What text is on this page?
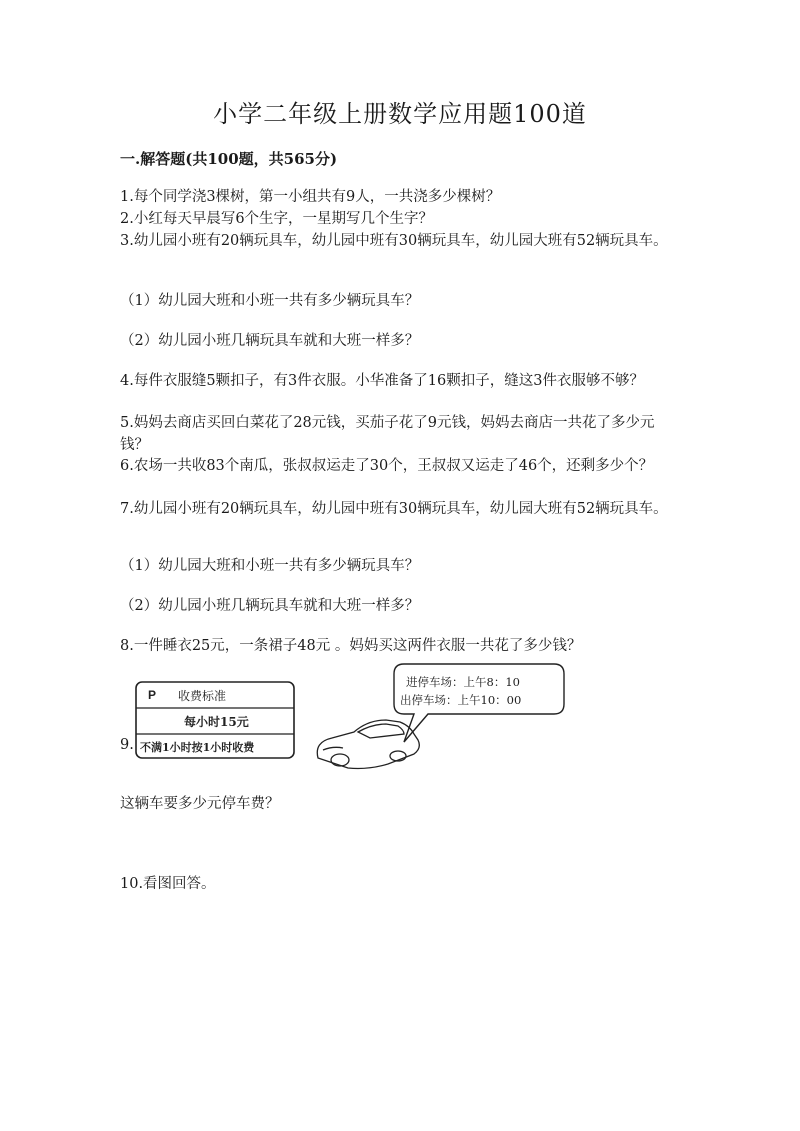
小学二年级上册数学应用题100道
一.解答题(共100题，共565分)
1.每个同学浇3棵树，第一小组共有9人，一共浇多少棵树？
2.小红每天早晨写6个生字，一星期写几个生字？
3.幼儿园小班有20辆玩具车，幼儿园中班有30辆玩具车，幼儿园大班有52辆玩具车。
（1）幼儿园大班和小班一共有多少辆玩具车？
（2）幼儿园小班几辆玩具车就和大班一样多？
4.每件衣服缝5颗扣子，有3件衣服。小华准备了16颗扣子，缝这3件衣服够不够？
5.妈妈去商店买回白菜花了28元钱，买茄子花了9元钱，妈妈去商店一共花了多少元钱？
6.农场一共收83个南瓜，张叔叔运走了30个，王叔叔又运走了46个，还剩多少个？
7.幼儿园小班有20辆玩具车，幼儿园中班有30辆玩具车，幼儿园大班有52辆玩具车。
（1）幼儿园大班和小班一共有多少辆玩具车？
（2）幼儿园小班几辆玩具车就和大班一样多？
8.一件睡衣25元，一条裙子48元 。妈妈买这两件衣服一共花了多少钱？
9.
P 收费标准
每小时15元
不满1小时按1小时收费
进停车场：上午8：10
出停车场：上午10：00
这辆车要多少元停车费？
10.看图回答。
